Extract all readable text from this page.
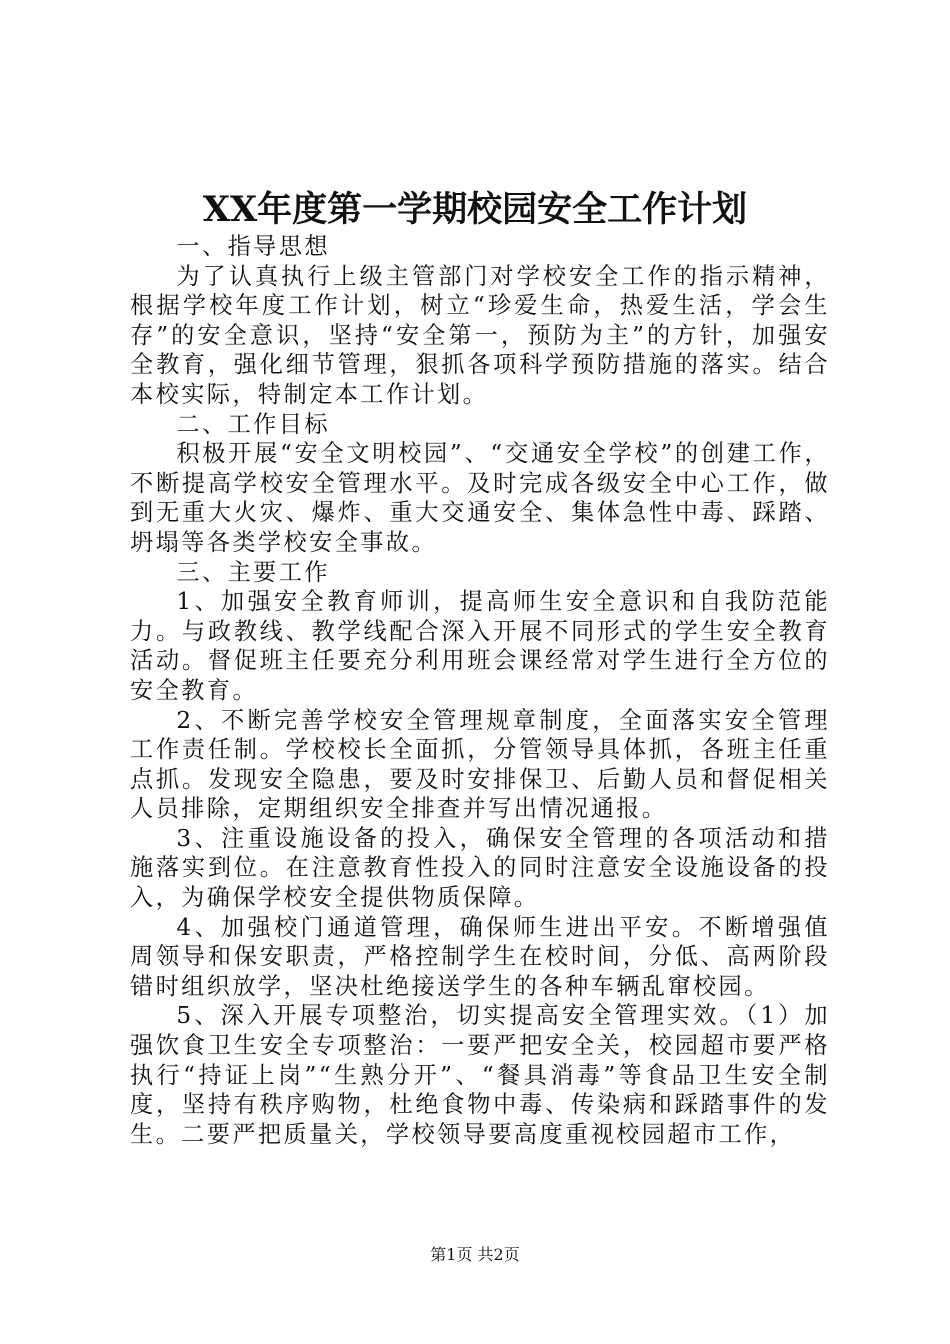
XX年度第一学期校园安全工作计划

一、指导思想

为了认真执行上级主管部门对学校安全工作的指示精神，根据学校年度工作计划，树立“珍爱生命，热爱生活，学会生存”的安全意识，坚持“安全第一，预防为主”的方针，加强安全教育，强化细节管理，狠抓各项科学预防措施的落实。结合本校实际，特制定本工作计划。

二、工作目标

积极开展“安全文明校园”、“交通安全学校”的创建工作，不断提高学校安全管理水平。及时完成各级安全中心工作，做到无重大火灾、爆炸、重大交通安全、集体急性中毒、踩踏、坍塌等各类学校安全事故。

三、主要工作

1、加强安全教育师训，提高师生安全意识和自我防范能力。与政教线、教学线配合深入开展不同形式的学生安全教育活动。督促班主任要充分利用班会课经常对学生进行全方位的安全教育。

2、不断完善学校安全管理规章制度，全面落实安全管理工作责任制。学校校长全面抓，分管领导具体抓，各班主任重点抓。发现安全隐患，要及时安排保卫、后勤人员和督促相关人员排除，定期组织安全排查并写出情况通报。

3、注重设施设备的投入，确保安全管理的各项活动和措施落实到位。在注意教育性投入的同时注意安全设施设备的投入，为确保学校安全提供物质保障。

4、加强校门通道管理，确保师生进出平安。不断增强值周领导和保安职责，严格控制学生在校时间，分低、高两阶段错时组织放学，坚决杜绝接送学生的各种车辆乱窜校园。

5、深入开展专项整治，切实提高安全管理实效。（1）加强饮食卫生安全专项整治：一要严把安全关，校园超市要严格执行“持证上岗”“生熟分开”、“餐具消毒”等食品卫生安全制度，坚持有秩序购物，杜绝食物中毒、传染病和踩踏事件的发生。二要严把质量关，学校领导要高度重视校园超市工作，

第1页 共2页
